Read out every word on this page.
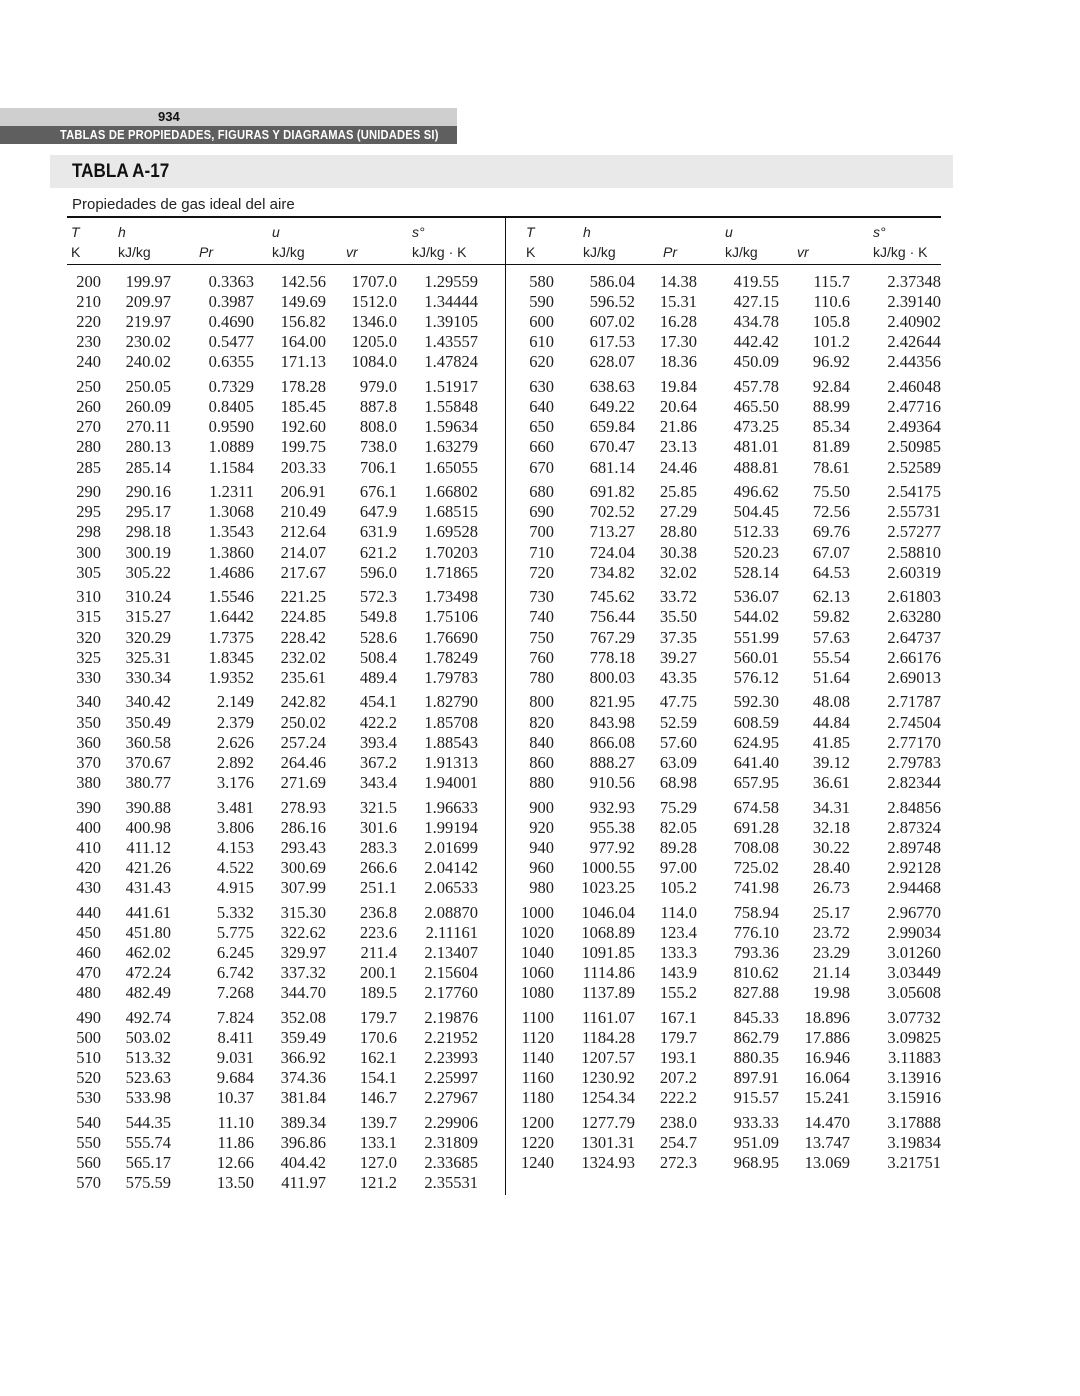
934
TABLAS DE PROPIEDADES, FIGURAS Y DIAGRAMAS (UNIDADES SI)
TABLA A-17
Propiedades de gas ideal del aire
T
K
h
kJ/kg	Pr
u
kJ/kg	vr
s°
kJ/kg · K
T
K
h
kJ/kg	Pr
u
kJ/kg	vr
s°
kJ/kg · K
200 199.97 0.3363 142.56 1707.0 1.29559
210 209.97 0.3987 149.69 1512.0 1.34444
220 219.97 0.4690 156.82 1346.0 1.39105
230 230.02 0.5477 164.00 1205.0 1.43557
240 240.02 0.6355 171.13 1084.0 1.47824
250 250.05 0.7329 178.28 979.0 1.51917
260 260.09 0.8405 185.45 887.8 1.55848
270 270.11 0.9590 192.60 808.0 1.59634
280 280.13 1.0889 199.75 738.0 1.63279
285 285.14 1.1584 203.33 706.1 1.65055
290 290.16 1.2311 206.91 676.1 1.66802
295 295.17 1.3068 210.49 647.9 1.68515
298 298.18 1.3543 212.64 631.9 1.69528
300 300.19 1.3860 214.07 621.2 1.70203
305 305.22 1.4686 217.67 596.0 1.71865
310 310.24 1.5546 221.25 572.3 1.73498
315 315.27 1.6442 224.85 549.8 1.75106
320 320.29 1.7375 228.42 528.6 1.76690
325 325.31 1.8345 232.02 508.4 1.78249
330 330.34 1.9352 235.61 489.4 1.79783
340 340.42	2.149 242.82 454.1 1.82790
350 350.49	2.379 250.02 422.2 1.85708
360 360.58	2.626 257.24 393.4 1.88543
370 370.67	2.892 264.46 367.2 1.91313
380 380.77	3.176 271.69 343.4 1.94001
390 390.88	3.481 278.93 321.5 1.96633
400 400.98	3.806 286.16 301.6 1.99194
410 411.12	4.153 293.43 283.3 2.01699
420 421.26	4.522 300.69 266.6 2.04142
430 431.43	4.915 307.99 251.1 2.06533
440 441.61	5.332 315.30 236.8 2.08870
450 451.80	5.775 322.62 223.6 2.11161
460 462.02	6.245 329.97 211.4 2.13407
470 472.24	6.742 337.32 200.1 2.15604
480 482.49	7.268 344.70 189.5 2.17760
490 492.74	7.824 352.08 179.7 2.19876
500 503.02	8.411 359.49 170.6 2.21952
510 513.32	9.031 366.92 162.1 2.23993
520 523.63	9.684 374.36 154.1 2.25997
530 533.98	10.37 381.84 146.7 2.27967
540 544.35	11.10 389.34 139.7 2.29906
550 555.74	11.86 396.86 133.1 2.31809
560 565.17	12.66 404.42 127.0 2.33685
570 575.59	13.50 411.97 121.2 2.35531
580 586.04 14.38 419.55 115.7 2.37348
590 596.52 15.31 427.15 110.6 2.39140
600 607.02 16.28 434.78 105.8 2.40902
610 617.53 17.30 442.42 101.2 2.42644
620 628.07 18.36 450.09 96.92 2.44356
630 638.63 19.84 457.78 92.84 2.46048
640 649.22 20.64 465.50 88.99 2.47716
650 659.84 21.86 473.25 85.34 2.49364
660 670.47 23.13 481.01 81.89 2.50985
670 681.14 24.46 488.81 78.61 2.52589
680 691.82 25.85 496.62 75.50 2.54175
690 702.52 27.29 504.45 72.56 2.55731
700 713.27 28.80 512.33 69.76 2.57277
710 724.04 30.38 520.23 67.07 2.58810
720 734.82 32.02 528.14 64.53 2.60319
730 745.62 33.72 536.07 62.13 2.61803
740 756.44 35.50 544.02 59.82 2.63280
750 767.29 37.35 551.99 57.63 2.64737
760 778.18 39.27 560.01 55.54 2.66176
780 800.03 43.35 576.12 51.64 2.69013
800 821.95 47.75 592.30 48.08 2.71787
820 843.98 52.59 608.59 44.84 2.74504
840 866.08 57.60 624.95 41.85 2.77170
860 888.27 63.09 641.40 39.12 2.79783
880 910.56 68.98 657.95 36.61 2.82344
900 932.93 75.29 674.58 34.31 2.84856
920 955.38 82.05 691.28 32.18 2.87324
940 977.92 89.28 708.08 30.22 2.89748
960 1000.55 97.00 725.02 28.40 2.92128
980 1023.25 105.2 741.98 26.73 2.94468
1000 1046.04 114.0 758.94 25.17 2.96770
1020 1068.89 123.4 776.10 23.72 2.99034
1040 1091.85 133.3 793.36 23.29 3.01260
1060 1114.86 143.9 810.62 21.14 3.03449
1080 1137.89 155.2 827.88 19.98 3.05608
1100 1161.07 167.1 845.33 18.896 3.07732
1120 1184.28 179.7 862.79 17.886 3.09825
1140 1207.57 193.1 880.35 16.946 3.11883
1160 1230.92 207.2 897.91 16.064 3.13916
1180 1254.34 222.2 915.57 15.241 3.15916
1200 1277.79 238.0 933.33 14.470 3.17888
1220 1301.31 254.7 951.09 13.747 3.19834
1240 1324.93 272.3 968.95 13.069 3.21751
